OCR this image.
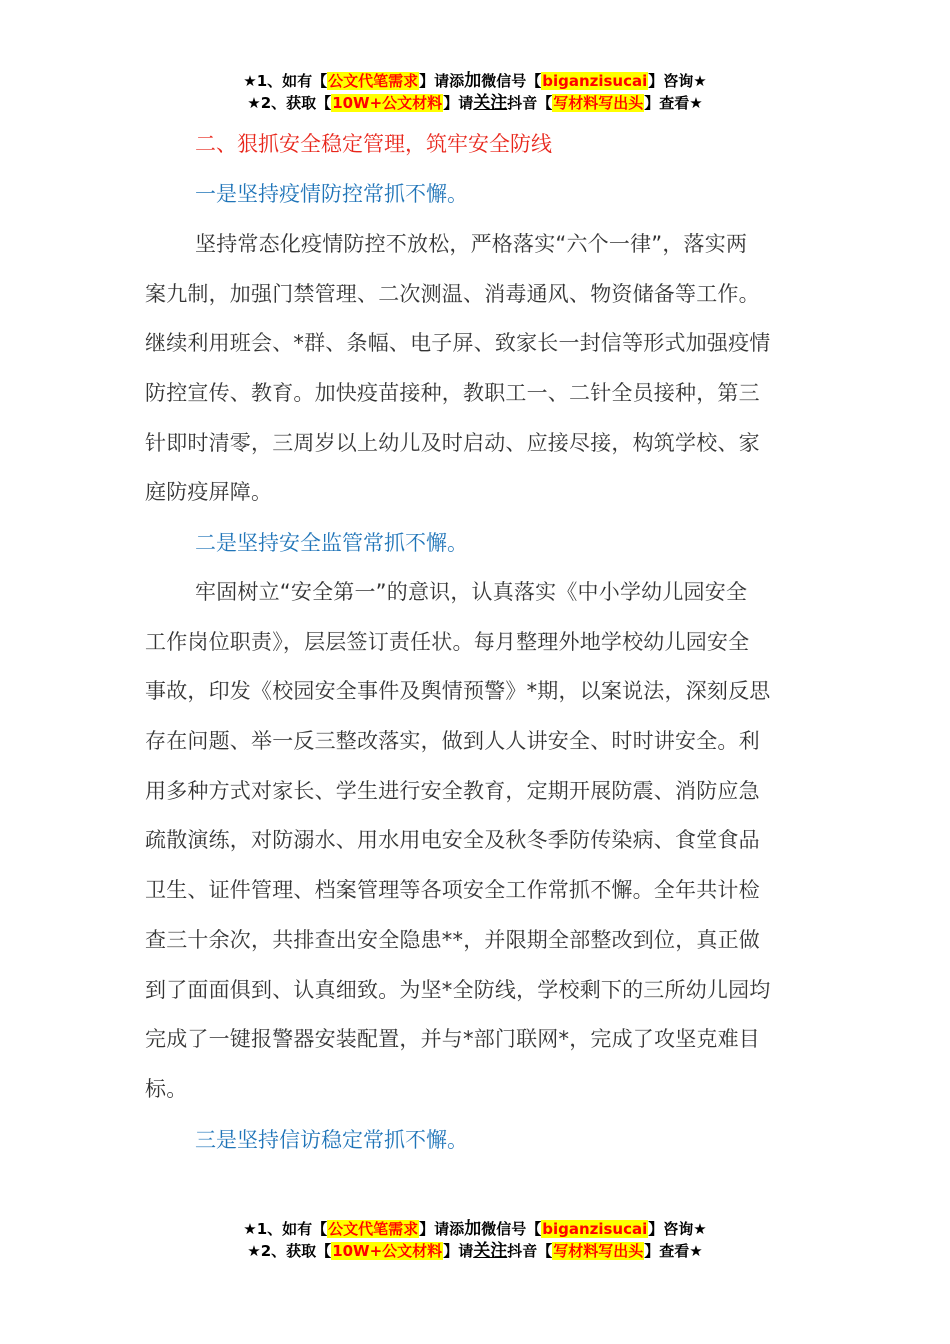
★1、如有【公文代笔需求】请添加微信号【biganzisucai】咨询★
★2、获取【10W+公文材料】请关注抖音【写材料写出头】查看★
二、狠抓安全稳定管理，筑牢安全防线
一是坚持疫情防控常抓不懈。
坚持常态化疫情防控不放松，严格落实“六个一律”，落实两
案九制，加强门禁管理、二次测温、消毒通风、物资储备等工作。
继续利用班会、*群、条幅、电子屏、致家长一封信等形式加强疫情
防控宣传、教育。加快疫苗接种，教职工一、二针全员接种，第三
针即时清零，三周岁以上幼儿及时启动、应接尽接，构筑学校、家
庭防疫屏障。
二是坚持安全监管常抓不懈。
牢固树立“安全第一”的意识，认真落实《中小学幼儿园安全
工作岗位职责》，层层签订责任状。每月整理外地学校幼儿园安全
事故，印发《校园安全事件及舆情预警》*期，以案说法，深刻反思
存在问题、举一反三整改落实，做到人人讲安全、时时讲安全。利
用多种方式对家长、学生进行安全教育，定期开展防震、消防应急
疏散演练，对防溺水、用水用电安全及秋冬季防传染病、食堂食品
卫生、证件管理、档案管理等各项安全工作常抓不懈。全年共计检
查三十余次，共排查出安全隐患**，并限期全部整改到位，真正做
到了面面俱到、认真细致。为坚*全防线，学校剩下的三所幼儿园均
完成了一键报警器安装配置，并与*部门联网*，完成了攻坚克难目
标。
三是坚持信访稳定常抓不懈。
★1、如有【公文代笔需求】请添加微信号【biganzisucai】咨询★
★2、获取【10W+公文材料】请关注抖音【写材料写出头】查看★
